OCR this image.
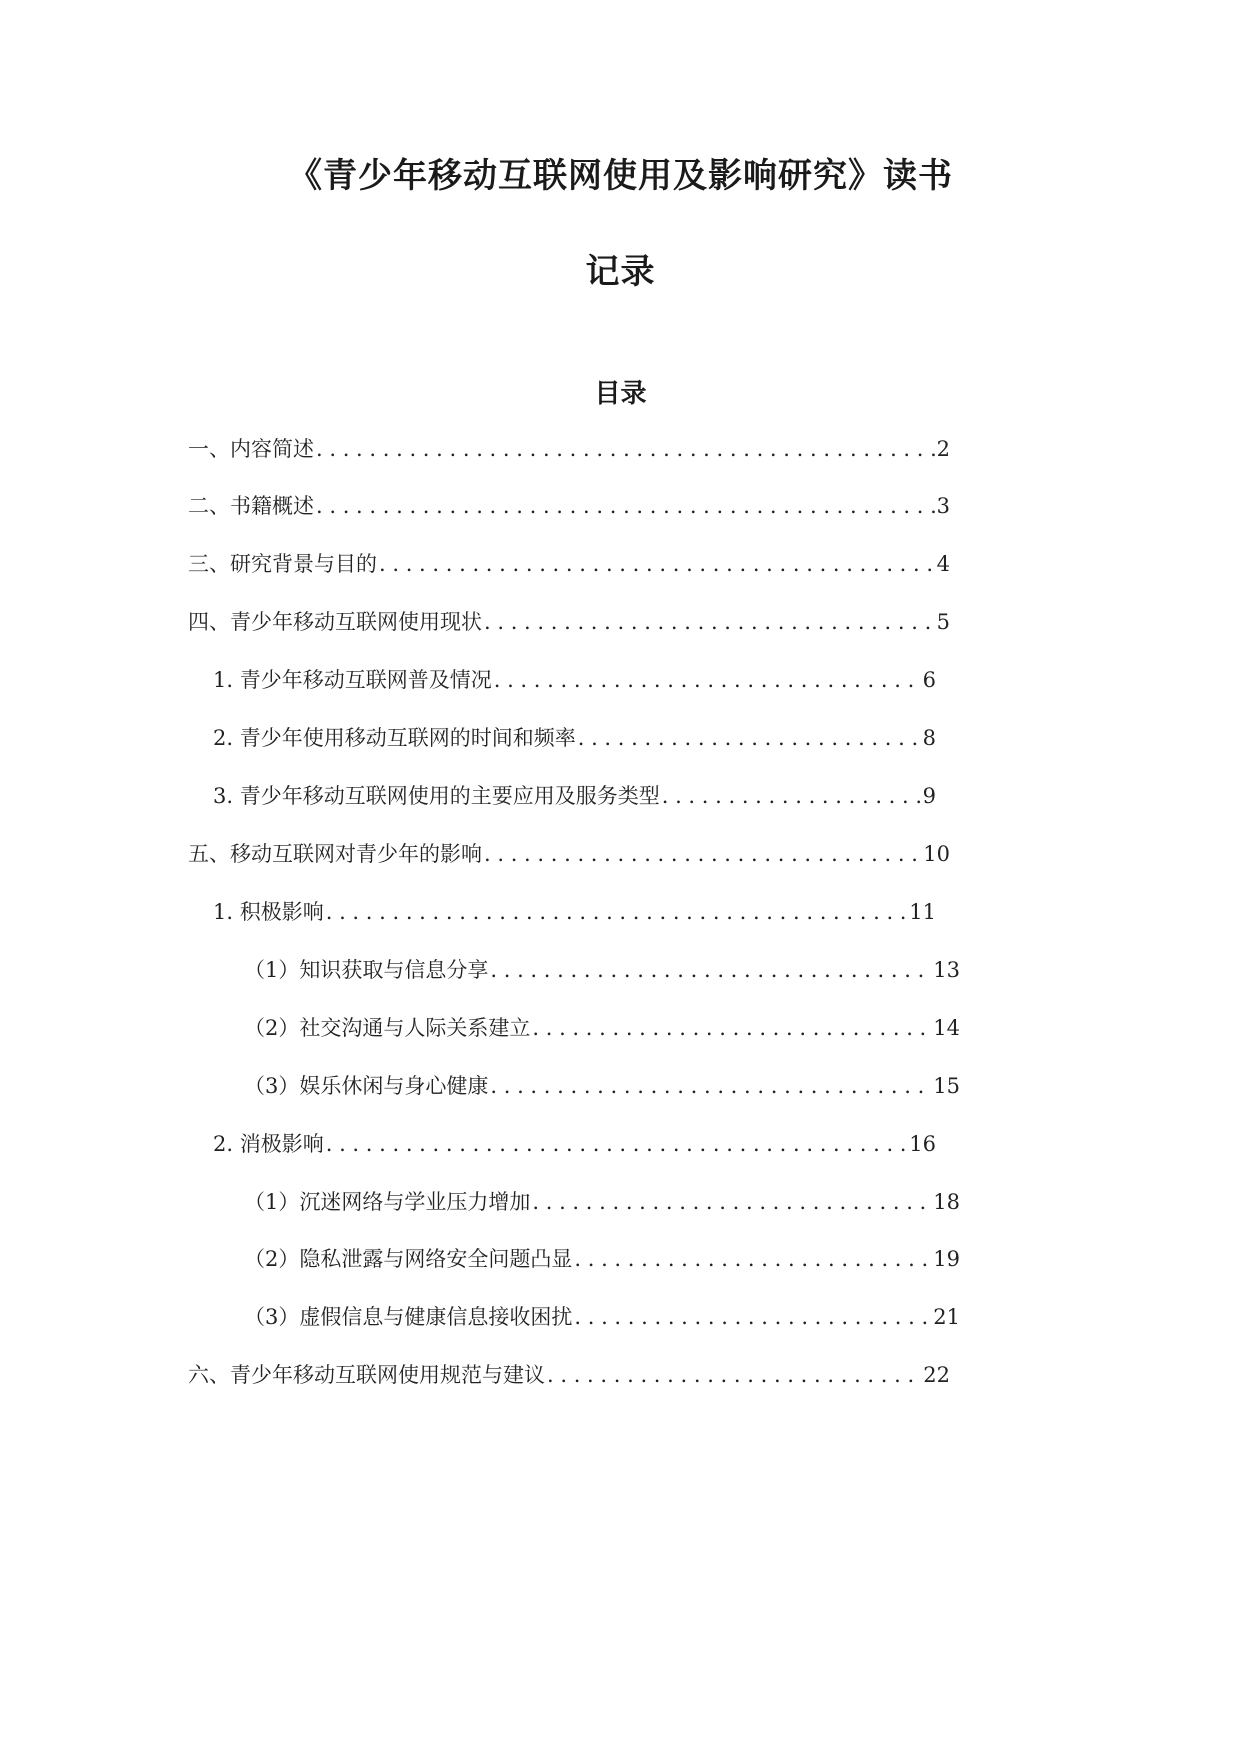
《青少年移动互联网使用及影响研究》读书
记录
目录
一、内容简述 . . .	2
二、书籍概述 . . .	3
三、研究背景与目的 . . .	4
四、青少年移动互联网使用现状 . . .	5
1. 青少年移动互联网普及情况 . . .	6
2. 青少年使用移动互联网的时间和频率 . . .	8
3. 青少年移动互联网使用的主要应用及服务类型 . . .	9
五、移动互联网对青少年的影响 . . .	10
1. 积极影响 . . .	11
（1）知识获取与信息分享 . . .	13
（2）社交沟通与人际关系建立 . . .	14
（3）娱乐休闲与身心健康 . . .	15
2. 消极影响 . . .	16
（1）沉迷网络与学业压力增加 . . .	18
（2）隐私泄露与网络安全问题凸显 . . .	19
（3）虚假信息与健康信息接收困扰 . . .	21
六、青少年移动互联网使用规范与建议 . . .	22
